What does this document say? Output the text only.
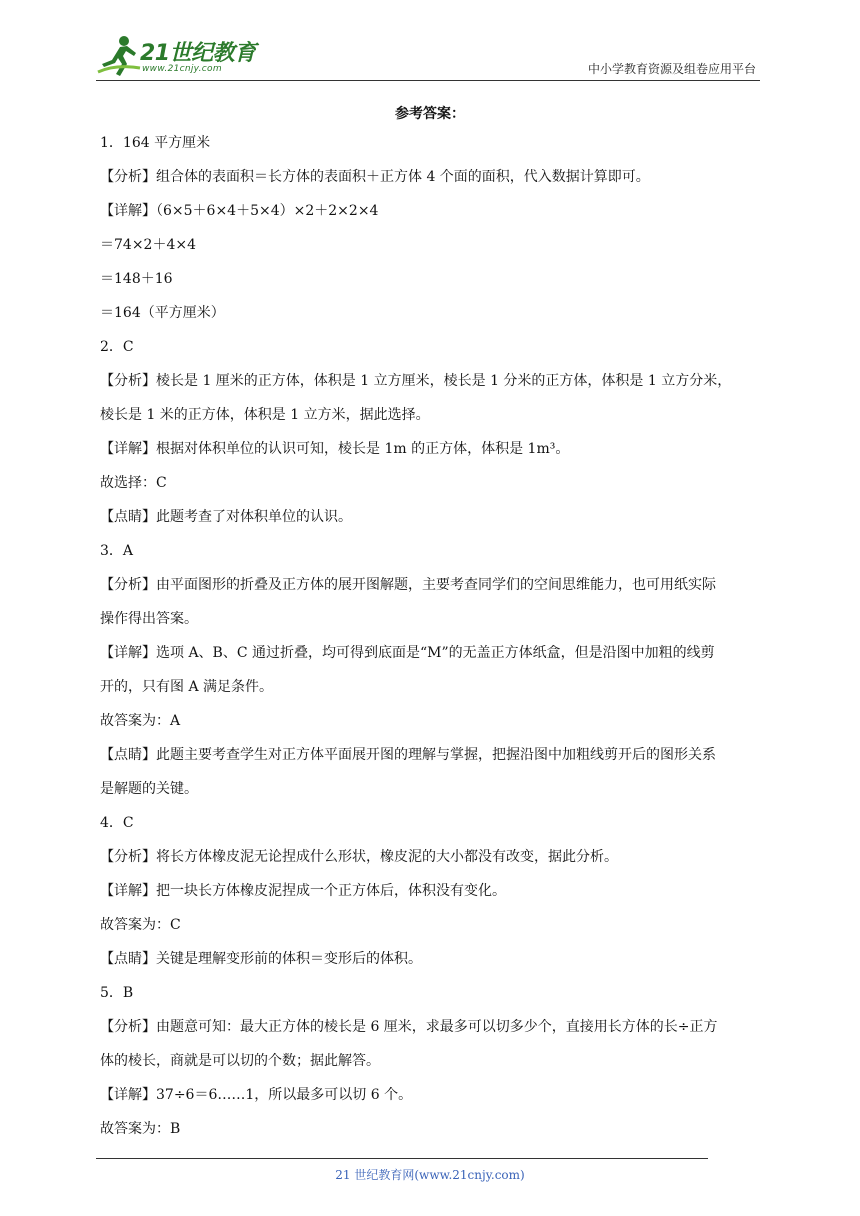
21世纪教育
www.21cnjy.com	中小学教育资源及组卷应用平台
参考答案：
1．164 平方厘米
【分析】组合体的表面积＝长方体的表面积＋正方体 4 个面的面积，代入数据计算即可。
【详解】（6×5＋6×4＋5×4）×2＋2×2×4
＝74×2＋4×4
＝148＋16
＝164（平方厘米）
2．C
【分析】棱长是 1 厘米的正方体，体积是 1 立方厘米，棱长是 1 分米的正方体，体积是 1 立方分米，
棱长是 1 米的正方体，体积是 1 立方米，据此选择。
【详解】根据对体积单位的认识可知，棱长是 1m 的正方体，体积是 1m³。
故选择：C
【点睛】此题考查了对体积单位的认识。
3．A
【分析】由平面图形的折叠及正方体的展开图解题，主要考查同学们的空间思维能力，也可用纸实际
操作得出答案。
【详解】选项 A、B、C 通过折叠，均可得到底面是“M”的无盖正方体纸盒，但是沿图中加粗的线剪
开的，只有图 A 满足条件。
故答案为：A
【点睛】此题主要考查学生对正方体平面展开图的理解与掌握，把握沿图中加粗线剪开后的图形关系
是解题的关键。
4．C
【分析】将长方体橡皮泥无论捏成什么形状，橡皮泥的大小都没有改变，据此分析。
【详解】把一块长方体橡皮泥捏成一个正方体后，体积没有变化。
故答案为：C
【点睛】关键是理解变形前的体积＝变形后的体积。
5．B
【分析】由题意可知：最大正方体的棱长是 6 厘米，求最多可以切多少个，直接用长方体的长÷正方
体的棱长，商就是可以切的个数；据此解答。
【详解】37÷6＝6……1，所以最多可以切 6 个。
故答案为：B
21 世纪教育网(www.21cnjy.com)
